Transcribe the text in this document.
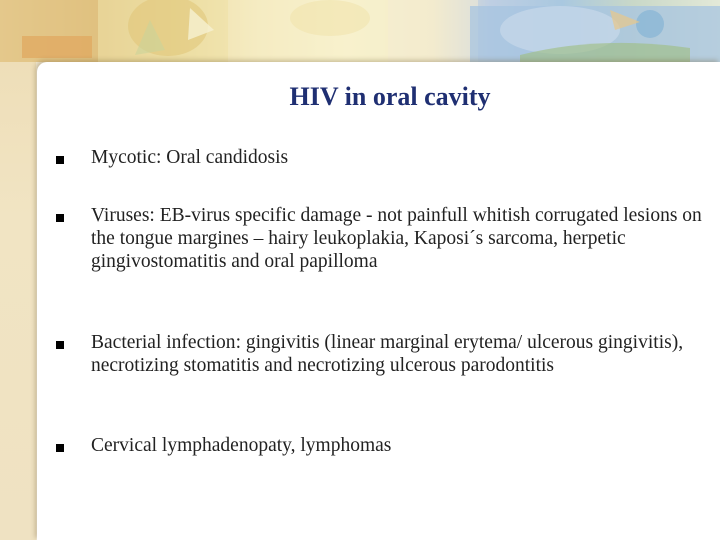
HIV in oral cavity
Mycotic: Oral candidosis
Viruses: EB-virus specific damage - not painfull whitish corrugated lesions on the tongue margines – hairy leukoplakia, Kaposi´s sarcoma, herpetic gingivostomatitis and oral papilloma
Bacterial infection: gingivitis (linear marginal erytema/ ulcerous gingivitis), necrotizing stomatitis and necrotizing ulcerous parodontitis
Cervical lymphadenopaty, lymphomas
